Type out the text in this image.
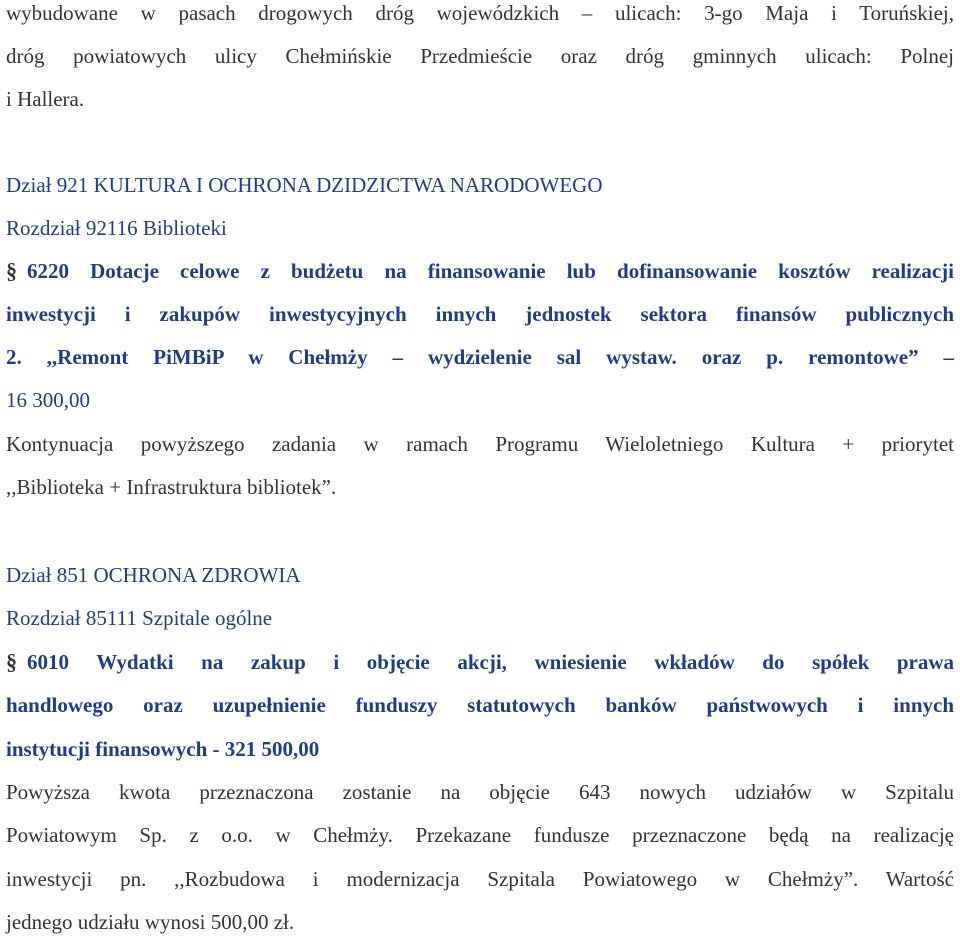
wybudowane w pasach drogowych dróg wojewódzkich – ulicach: 3-go Maja i Toruńskiej,
dróg powiatowych ulicy Chełmińskie Przedmieście oraz dróg gminnych ulicach: Polnej
i Hallera.
Dział 921 KULTURA I OCHRONA DZIDZICTWA NARODOWEGO
Rozdział 92116 Biblioteki
§ 6220 Dotacje celowe z budżetu na finansowanie lub dofinansowanie kosztów realizacji
inwestycji i zakupów inwestycyjnych innych jednostek sektora finansów publicznych
2. ,,Remont PiMBiP w Chełmży – wydzielenie sal wystaw. oraz p. remontowe” –
16 300,00
Kontynuacja powyższego zadania w ramach Programu Wieloletniego Kultura + priorytet
,,Biblioteka + Infrastruktura bibliotek”.
Dział 851 OCHRONA ZDROWIA
Rozdział 85111 Szpitale ogólne
§ 6010 Wydatki na zakup i objęcie akcji, wniesienie wkładów do spółek prawa
handlowego oraz uzupełnienie funduszy statutowych banków państwowych i innych
instytucji finansowych - 321 500,00
Powyższa kwota przeznaczona zostanie na objęcie 643 nowych udziałów w Szpitalu
Powiatowym Sp. z o.o. w Chełmży. Przekazane fundusze przeznaczone będą na realizację
inwestycji pn. ,,Rozbudowa i modernizacja Szpitala Powiatowego w Chełmży”. Wartość
jednego udziału wynosi 500,00 zł.
